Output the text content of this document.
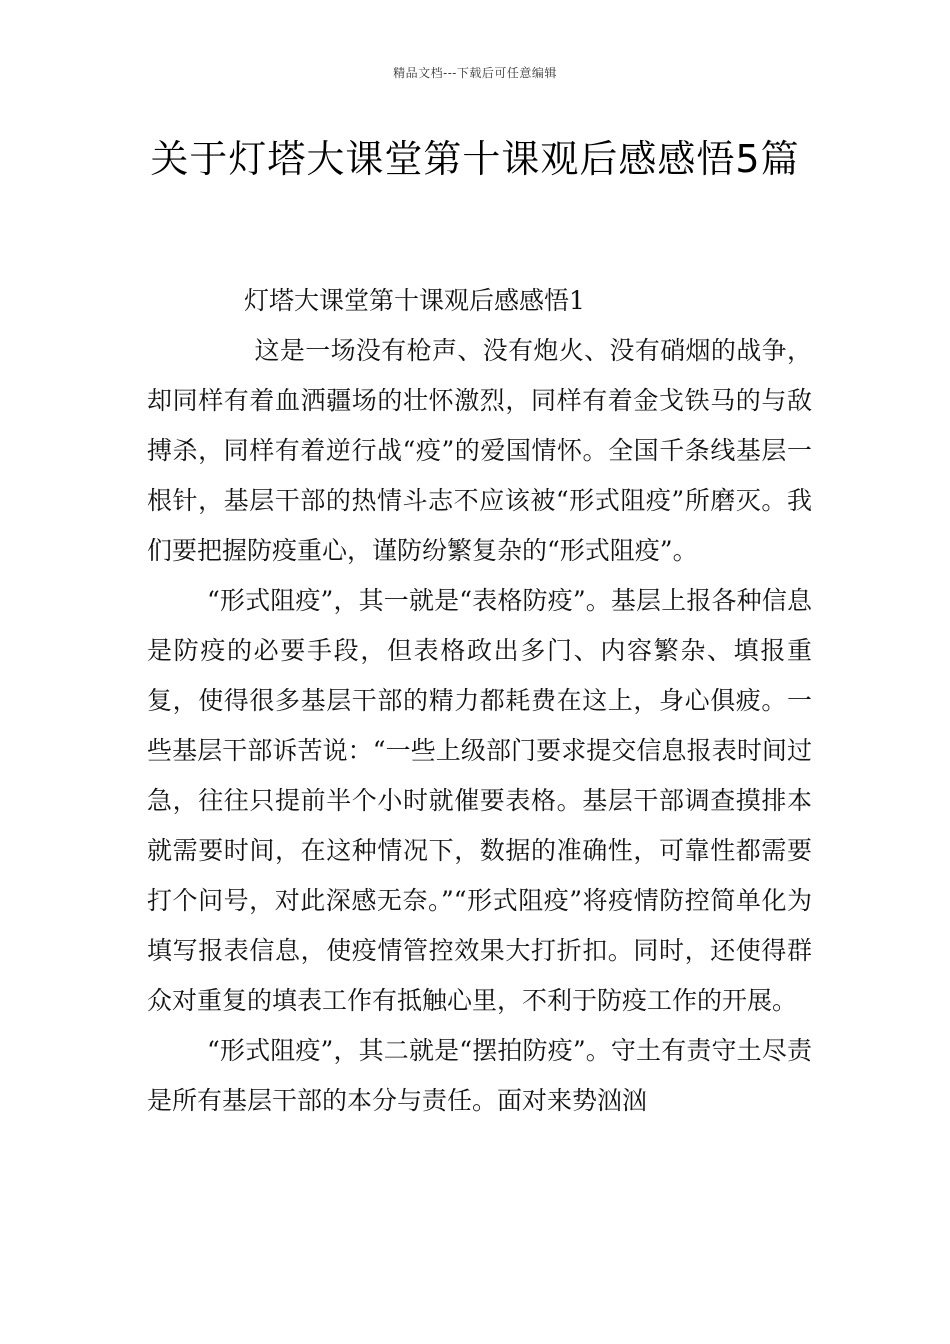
精品文档---下载后可任意编辑
关于灯塔大课堂第十课观后感感悟5篇
灯塔大课堂第十课观后感感悟1

这是一场没有枪声、没有炮火、没有硝烟的战争，却同样有着血洒疆场的壮怀激烈，同样有着金戈铁马的与敌搏杀，同样有着逆行战“疫”的爱国情怀。全国千条线基层一根针，基层干部的热情斗志不应该被“形式阻疫”所磨灭。我们要把握防疫重心，谨防纷繁复杂的“形式阻疫”。

“形式阻疫”，其一就是“表格防疫”。基层上报各种信息是防疫的必要手段，但表格政出多门、内容繁杂、填报重复，使得很多基层干部的精力都耗费在这上，身心俱疲。一些基层干部诉苦说：“一些上级部门要求提交信息报表时间过急，往往只提前半个小时就催要表格。基层干部调查摸排本就需要时间，在这种情况下，数据的准确性，可靠性都需要打个问号，对此深感无奈。”“形式阻疫”将疫情防控简单化为填写报表信息，使疫情管控效果大打折扣。同时，还使得群众对重复的填表工作有抵触心里，不利于防疫工作的开展。

“形式阻疫”，其二就是“摆拍防疫”。守土有责守土尽责是所有基层干部的本分与责任。面对来势汹汹
